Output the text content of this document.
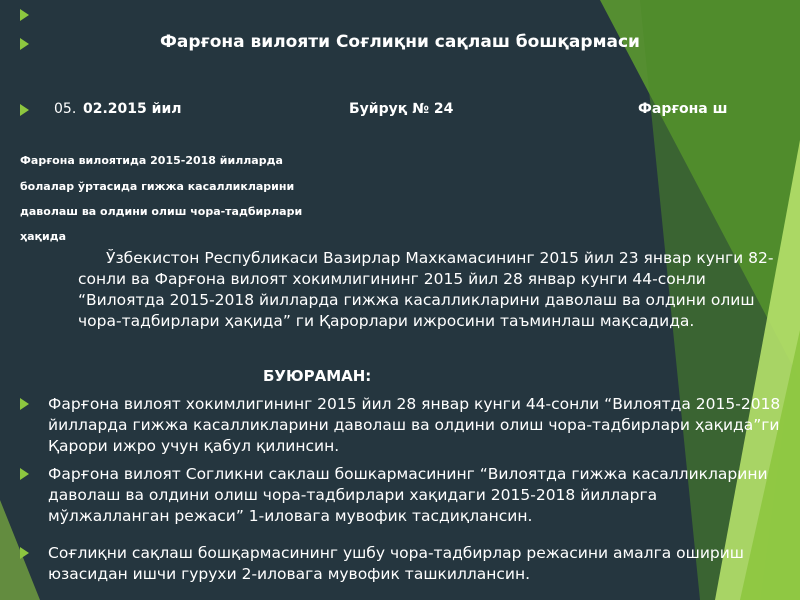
Фарғона вилояти Соғлиқни сақлаш бошқармаси
05. 02.2015 йил	Буйруқ № 24	Фарғона ш
Фарғона вилоятида 2015-2018 йилларда
болалар ўртасида гижжа касалликларини
даволаш ва олдини олиш чора-тадбирлари
ҳақида
Ўзбекистон Республикаси Вазирлар Махкамасининг 2015 йил 23 январ кунги 82- сонли ва Фарғона вилоят хокимлигининг 2015 йил 28 январ кунги 44-сонли “Вилоятда 2015-2018 йилларда гижжа касалликларини даволаш ва олдини олиш чора-тадбирлари ҳақида” ги Қарорлари ижросини таъминлаш мақсадида.
БУЮРАМАН:
Фарғона вилоят хокимлигининг 2015 йил 28 январ кунги 44-сонли “Вилоятда 2015-2018 йилларда гижжа касалликларини даволаш ва олдини олиш чора-тадбирлари ҳақида”ги Қарори ижро учун қабул қилинсин.
Фарғона вилоят Согликни саклаш бошкармасининг “Вилоятда гижжа касалликларини даволаш ва олдини олиш чора-тадбирлари хақидаги 2015-2018 йилларга мўлжалланган режаси” 1-иловага мувофик тасдиқлансин.
Соғлиқни сақлаш бошқармасининг ушбу чора-тадбирлар режасини амалга ошириш юзасидан ишчи гурухи 2-иловага мувофик ташкиллансин.
